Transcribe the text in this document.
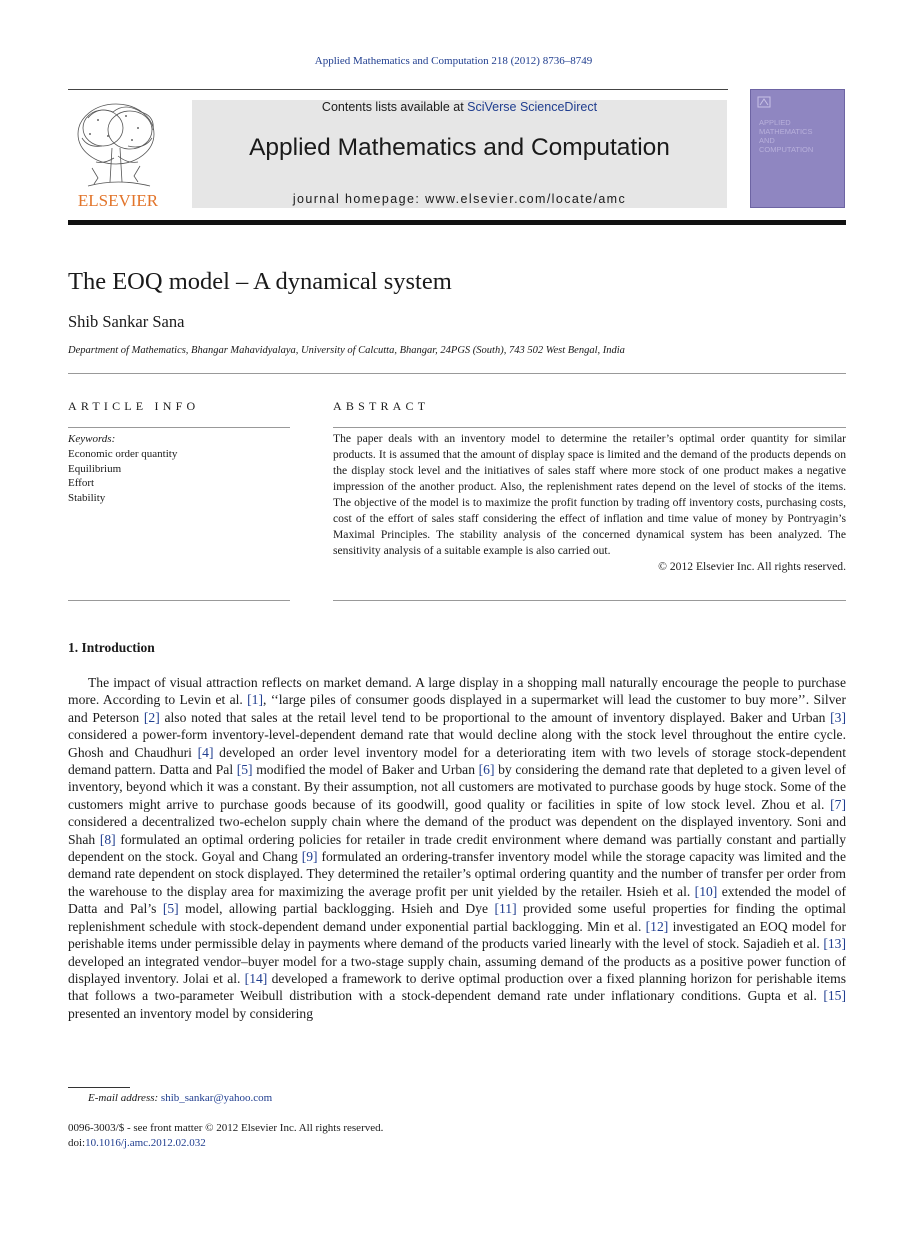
Applied Mathematics and Computation 218 (2012) 8736–8749
ELSEVIER
Contents lists available at SciVerse ScienceDirect
Applied Mathematics and Computation
journal homepage: www.elsevier.com/locate/amc
APPLIED
MATHEMATICS
AND
COMPUTATION
The EOQ model – A dynamical system
Shib Sankar Sana
Department of Mathematics, Bhangar Mahavidyalaya, University of Calcutta, Bhangar, 24PGS (South), 743 502 West Bengal, India
ARTICLE INFO	ABSTRACT
Keywords:
Economic order quantity
Equilibrium
Effort
Stability

The paper deals with an inventory model to determine the retailer’s optimal order quantity for similar products. It is assumed that the amount of display space is limited and the demand of the products depends on the display stock level and the initiatives of sales staff where more stock of one product makes a negative impression of the another product. Also, the replenishment rates depend on the level of stocks of the items. The objective of the model is to maximize the profit function by trading off inventory costs, purchasing costs, cost of the effort of sales staff considering the effect of inflation and time value of money by Pontryagin’s Maximal Principles. The stability analysis of the concerned dynamical system has been analyzed. The sensitivity analysis of a suitable example is also carried out.

© 2012 Elsevier Inc. All rights reserved.

1. Introduction

The impact of visual attraction reflects on market demand. A large display in a shopping mall naturally encourage the people to purchase more. According to Levin et al. [1], ‘‘large piles of consumer goods displayed in a supermarket will lead the customer to buy more’’. Silver and Peterson [2] also noted that sales at the retail level tend to be proportional to the amount of inventory displayed. Baker and Urban [3] considered a power-form inventory-level-dependent demand rate that would decline along with the stock level throughout the entire cycle. Ghosh and Chaudhuri [4] developed an order level inventory model for a deteriorating item with two levels of storage stock-dependent demand pattern. Datta and Pal [5] modified the model of Baker and Urban [6] by considering the demand rate that depleted to a given level of inventory, beyond which it was a constant. By their assumption, not all customers are motivated to purchase goods by huge stock. Some of the customers might arrive to purchase goods because of its goodwill, good quality or facilities in spite of low stock level. Zhou et al. [7] considered a decentralized two-echelon supply chain where the demand of the product was dependent on the displayed inventory. Soni and Shah [8] formulated an optimal ordering policies for retailer in trade credit environment where demand was partially constant and partially dependent on the stock. Goyal and Chang [9] formulated an ordering-transfer inventory model while the storage capacity was limited and the demand rate dependent on stock displayed. They determined the retailer’s optimal ordering quantity and the number of transfer per order from the warehouse to the display area for maximizing the average profit per unit yielded by the retailer. Hsieh et al. [10] extended the model of Datta and Pal’s [5] model, allowing partial backlogging. Hsieh and Dye [11] provided some useful properties for finding the optimal replenishment schedule with stock-dependent demand under exponential partial backlogging. Min et al. [12] investigated an EOQ model for perishable items under permissible delay in payments where demand of the products varied linearly with the level of stock. Sajadieh et al. [13] developed an integrated vendor–buyer model for a two-stage supply chain, assuming demand of the products as a positive power function of displayed inventory. Jolai et al. [14] developed a framework to derive optimal production over a fixed planning horizon for perishable items that follows a two-parameter Weibull distribution with a stock-dependent demand rate under inflationary conditions. Gupta et al. [15] presented an inventory model by considering

E-mail address: shib_sankar@yahoo.com
0096-3003/$ - see front matter © 2012 Elsevier Inc. All rights reserved.
doi:10.1016/j.amc.2012.02.032
